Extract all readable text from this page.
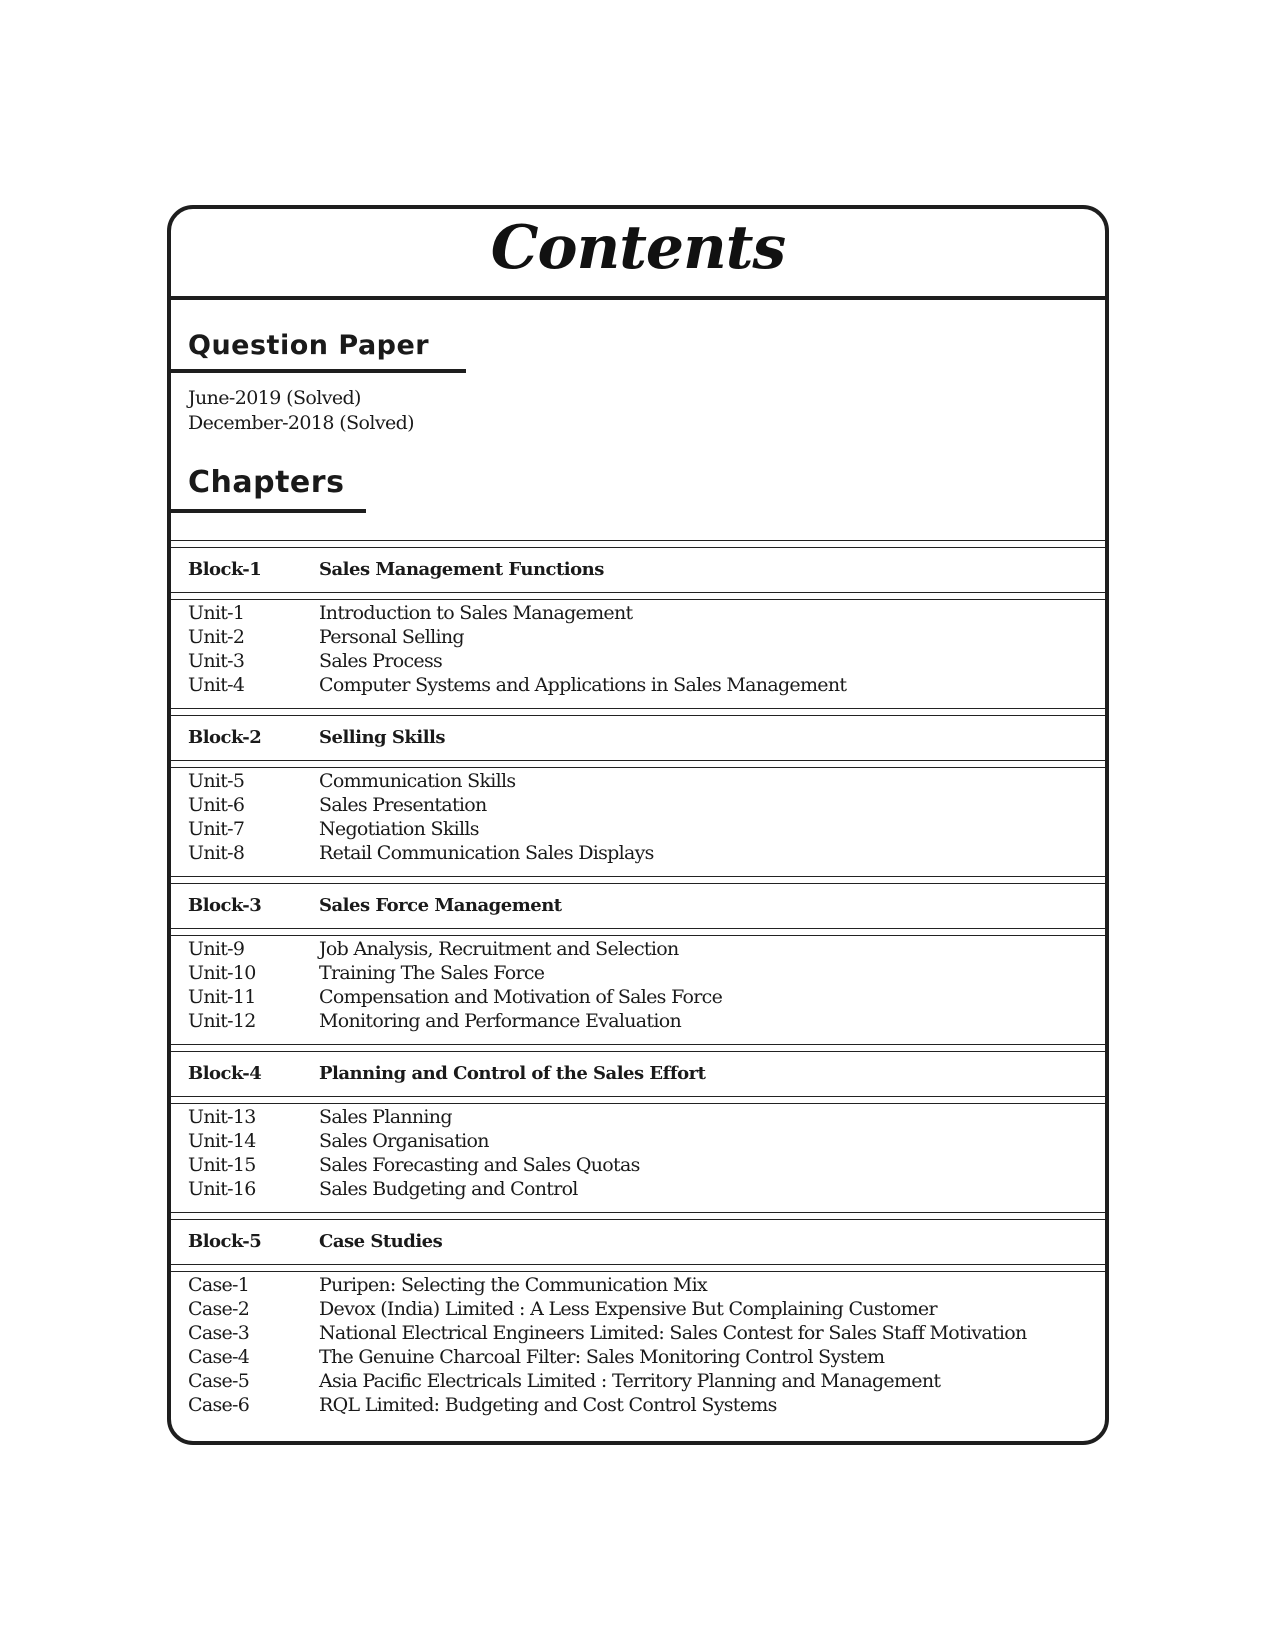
Contents
Question Paper
June-2019 (Solved)
December-2018 (Solved)
Chapters
Block-1	Sales Management Functions
Unit-1	Introduction to Sales Management
Unit-2	Personal Selling
Unit-3	Sales Process
Unit-4	Computer Systems and Applications in Sales Management
Block-2	Selling Skills
Unit-5	Communication Skills
Unit-6	Sales Presentation
Unit-7	Negotiation Skills
Unit-8	Retail Communication Sales Displays
Block-3	Sales Force Management
Unit-9	Job Analysis, Recruitment and Selection
Unit-10	Training The Sales Force
Unit-11	Compensation and Motivation of Sales Force
Unit-12	Monitoring and Performance Evaluation
Block-4	Planning and Control of the Sales Effort
Unit-13	Sales Planning
Unit-14	Sales Organisation
Unit-15	Sales Forecasting and Sales Quotas
Unit-16	Sales Budgeting and Control
Block-5	Case Studies
Case-1	Puripen: Selecting the Communication Mix
Case-2	Devox (India) Limited : A Less Expensive But Complaining Customer
Case-3	National Electrical Engineers Limited: Sales Contest for Sales Staff Motivation
Case-4	The Genuine Charcoal Filter: Sales Monitoring Control System
Case-5	Asia Pacific Electricals Limited : Territory Planning and Management
Case-6	RQL Limited: Budgeting and Cost Control Systems
